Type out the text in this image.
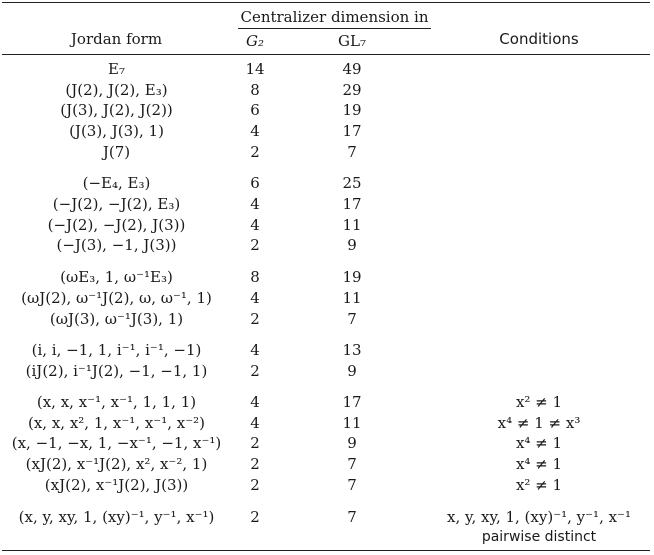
Centralizer dimension in
Jordan form	G₂	GL₇	Conditions
E₇	14	49
(J(2), J(2), E₃)	8	29
(J(3), J(2), J(2))	6	19
(J(3), J(3), 1)	4	17
J(7)	2	7
(−E₄, E₃)	6	25
(−J(2), −J(2), E₃)	4	17
(−J(2), −J(2), J(3))	4	11
(−J(3), −1, J(3))	2	9
(ωE₃, 1, ω⁻¹E₃)	8	19
(ωJ(2), ω⁻¹J(2), ω, ω⁻¹, 1)	4	11
(ωJ(3), ω⁻¹J(3), 1)	2	7
(i, i, −1, 1, i⁻¹, i⁻¹, −1)	4	13
(iJ(2), i⁻¹J(2), −1, −1, 1)	2	9
(x, x, x⁻¹, x⁻¹, 1, 1, 1)	4	17	x² ≠ 1
(x, x, x², 1, x⁻¹, x⁻¹, x⁻²)	4	11	x⁴ ≠ 1 ≠ x³
(x, −1, −x, 1, −x⁻¹, −1, x⁻¹)	2	9	x⁴ ≠ 1
(xJ(2), x⁻¹J(2), x², x⁻², 1)	2	7	x⁴ ≠ 1
(xJ(2), x⁻¹J(2), J(3))	2	7	x² ≠ 1
(x, y, xy, 1, (xy)⁻¹, y⁻¹, x⁻¹)	2	7	x, y, xy, 1, (xy)⁻¹, y⁻¹, x⁻¹
pairwise distinct
